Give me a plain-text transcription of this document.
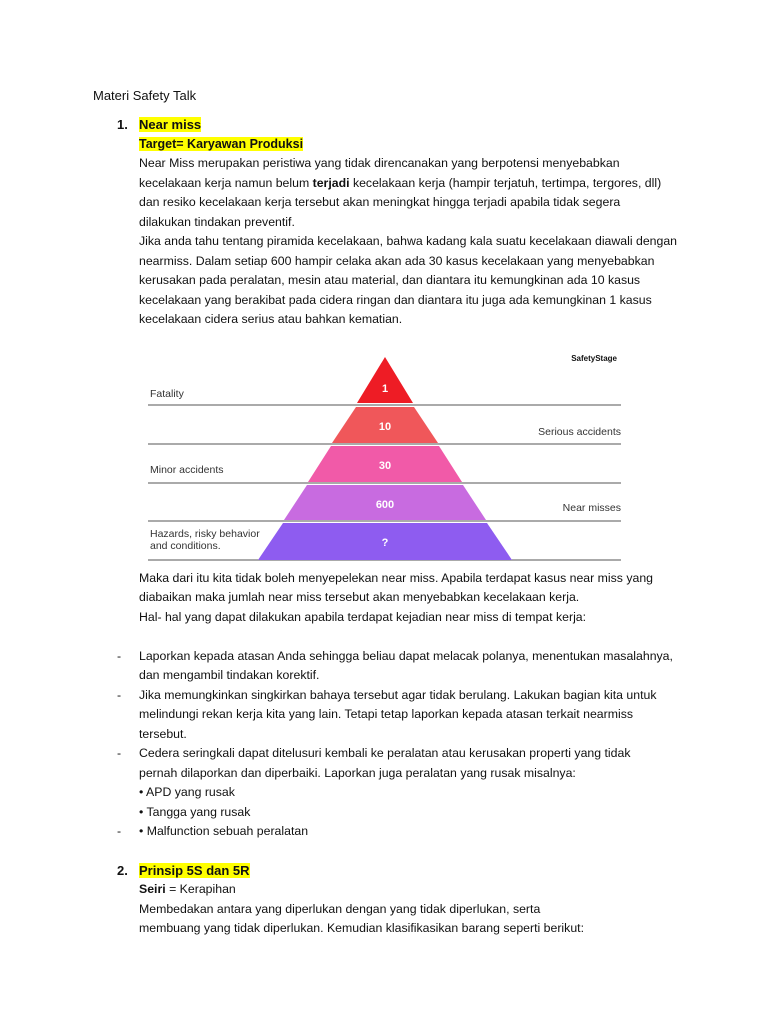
Materi Safety Talk
1. Near miss
Target= Karyawan Produksi
Near Miss merupakan peristiwa yang tidak direncanakan yang berpotensi menyebabkan
kecelakaan kerja namun belum terjadi kecelakaan kerja (hampir terjatuh, tertimpa, tergores, dll)
dan resiko kecelakaan kerja tersebut akan meningkat hingga terjadi apabila tidak segera
dilakukan tindakan preventif.
Jika anda tahu tentang piramida kecelakaan, bahwa kadang kala suatu kecelakaan diawali dengan
nearmiss. Dalam setiap 600 hampir celaka akan ada 30 kasus kecelakaan yang menyebabkan
kerusakan pada peralatan, mesin atau material, dan diantara itu kemungkinan ada 10 kasus
kecelakaan yang berakibat pada cidera ringan dan diantara itu juga ada kemungkinan 1 kasus
kecelakaan cidera serius atau bahkan kematian.
1
10
30
600
?
Fatality
Minor accidents
Hazards, risky behavior
and conditions.
Serious accidents
Near misses
SafetyStage
Maka dari itu kita tidak boleh menyepelekan near miss. Apabila terdapat kasus near miss yang
diabaikan maka jumlah near miss tersebut akan menyebabkan kecelakaan kerja.
Hal- hal yang dapat dilakukan apabila terdapat kejadian near miss di tempat kerja:
- Laporkan kepada atasan Anda sehingga beliau dapat melacak polanya, menentukan masalahnya,
dan mengambil tindakan korektif.
- Jika memungkinkan singkirkan bahaya tersebut agar tidak berulang. Lakukan bagian kita untuk
melindungi rekan kerja kita yang lain. Tetapi tetap laporkan kepada atasan terkait nearmiss
tersebut.
- Cedera seringkali dapat ditelusuri kembali ke peralatan atau kerusakan properti yang tidak
pernah dilaporkan dan diperbaiki. Laporkan juga peralatan yang rusak misalnya:
• APD yang rusak
• Tangga yang rusak
- • Malfunction sebuah peralatan
2. Prinsip 5S dan 5R
Seiri = Kerapihan
Membedakan antara yang diperlukan dengan yang tidak diperlukan, serta
membuang yang tidak diperlukan. Kemudian klasifikasikan barang seperti berikut:
